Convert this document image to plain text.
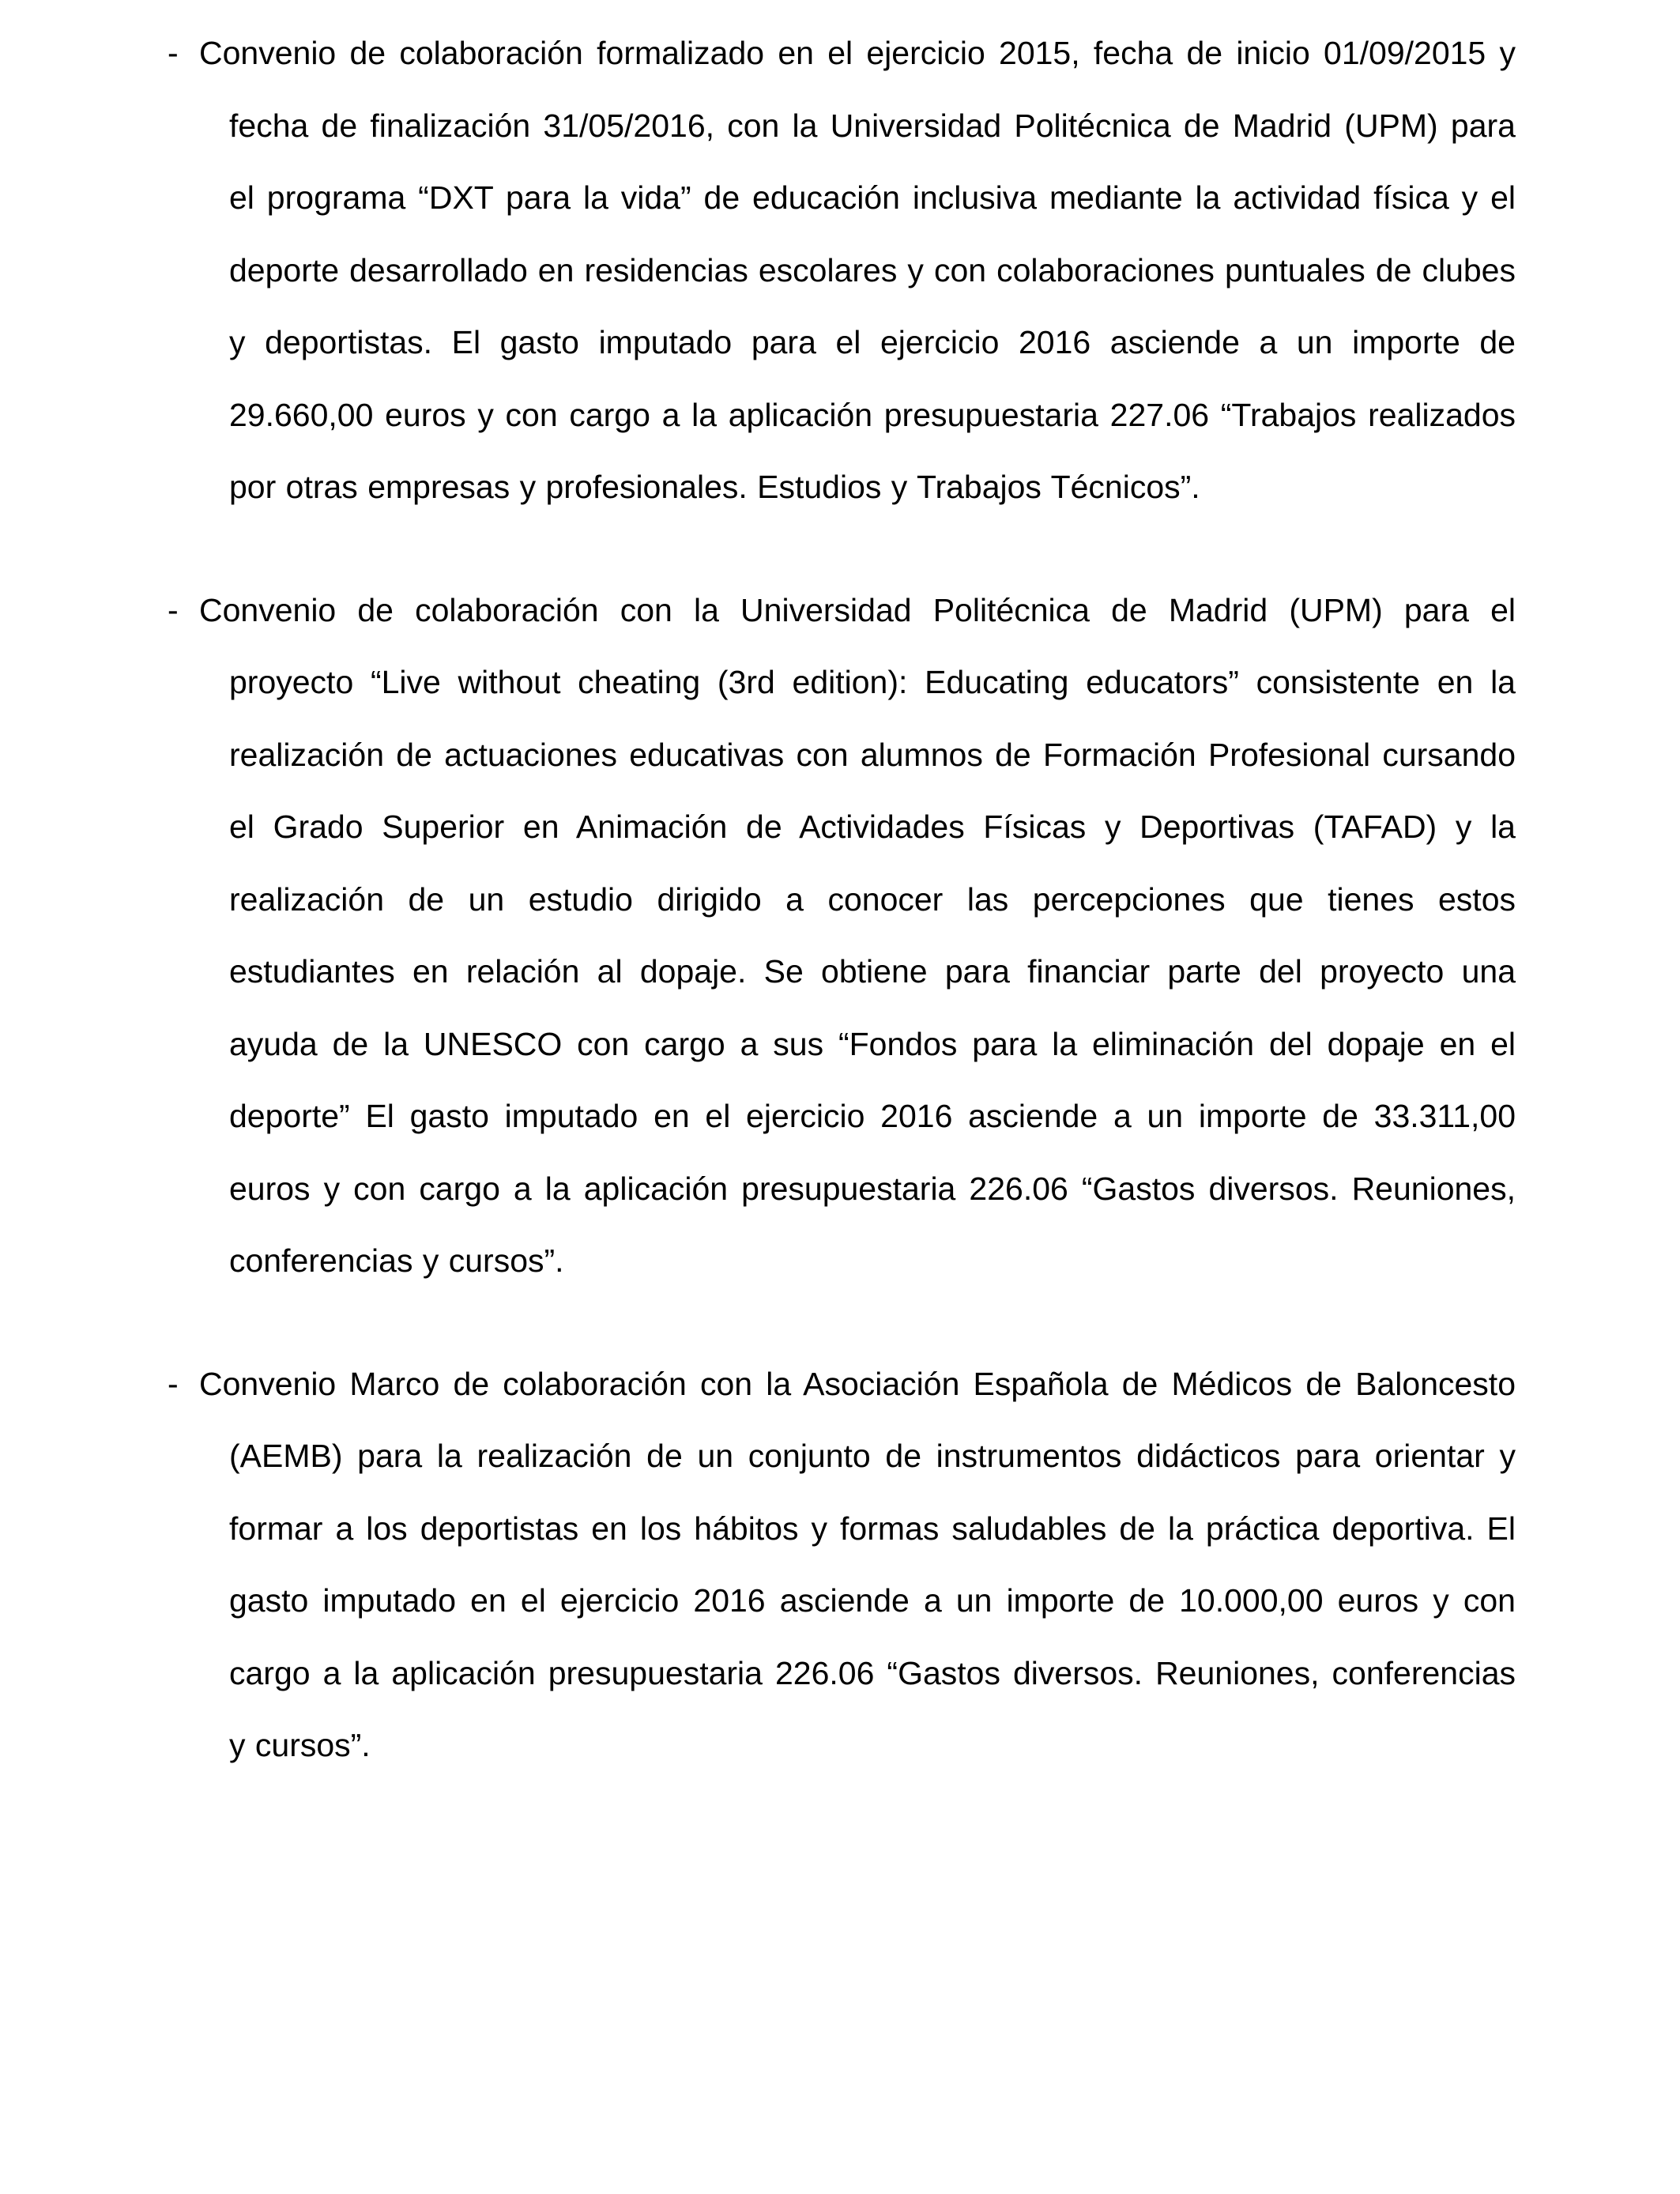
- Convenio de colaboración formalizado en el ejercicio 2015, fecha de inicio 01/09/2015 y fecha de finalización 31/05/2016, con la Universidad Politécnica de Madrid (UPM) para el programa “DXT para la vida” de educación inclusiva mediante la actividad física y el deporte desarrollado en residencias escolares y con colaboraciones puntuales de clubes y deportistas. El gasto imputado para el ejercicio 2016 asciende a un importe de 29.660,00 euros y con cargo a la aplicación presupuestaria 227.06 “Trabajos realizados por otras empresas y profesionales. Estudios y Trabajos Técnicos”.

- Convenio de colaboración con la Universidad Politécnica de Madrid (UPM) para el proyecto “Live without cheating (3rd edition): Educating educators” consistente en la realización de actuaciones educativas con alumnos de Formación Profesional cursando el Grado Superior en Animación de Actividades Físicas y Deportivas (TAFAD) y la realización de un estudio dirigido a conocer las percepciones que tienes estos estudiantes en relación al dopaje. Se obtiene para financiar parte del proyecto una ayuda de la UNESCO con cargo a sus “Fondos para la eliminación del dopaje en el deporte” El gasto imputado en el ejercicio 2016 asciende a un importe de 33.311,00 euros y con cargo a la aplicación presupuestaria 226.06 “Gastos diversos. Reuniones, conferencias y cursos”.

- Convenio Marco de colaboración con la Asociación Española de Médicos de Baloncesto (AEMB) para la realización de un conjunto de instrumentos didácticos para orientar y formar a los deportistas en los hábitos y formas saludables de la práctica deportiva. El gasto imputado en el ejercicio 2016 asciende a un importe de 10.000,00 euros y con cargo a la aplicación presupuestaria 226.06 “Gastos diversos. Reuniones, conferencias y cursos”.
